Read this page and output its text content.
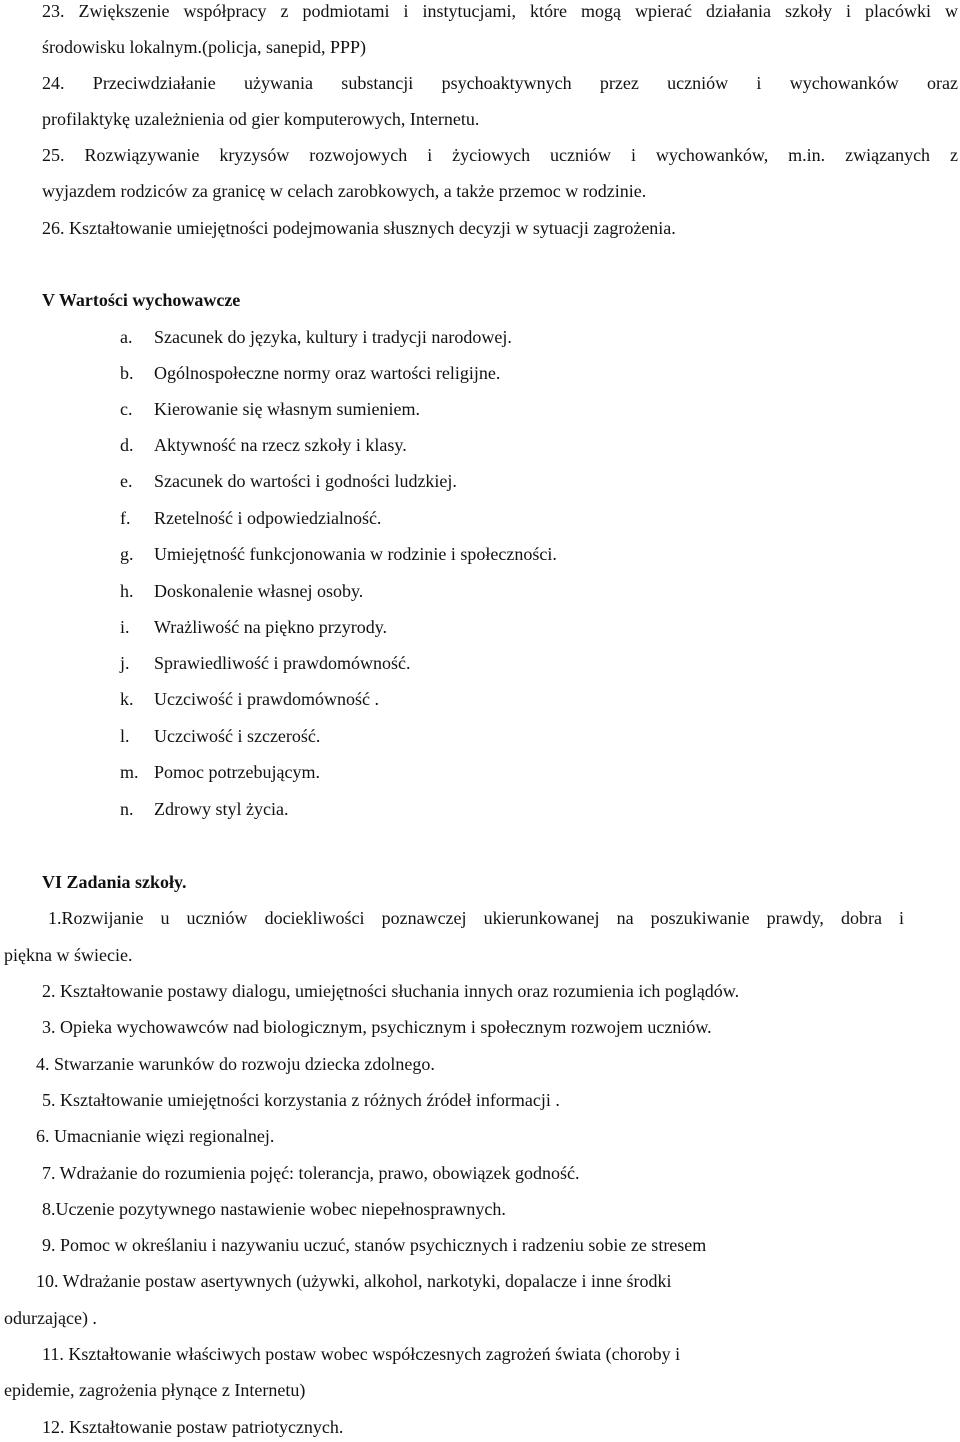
23. Zwiększenie współpracy z podmiotami i instytucjami, które mogą wpierać działania szkoły i placówki w
środowisku lokalnym.(policja, sanepid, PPP)
24. Przeciwdziałanie używania substancji psychoaktywnych przez uczniów i wychowanków oraz
profilaktykę uzależnienia od gier komputerowych, Internetu.
25. Rozwiązywanie kryzysów rozwojowych i życiowych uczniów i wychowanków, m.in. związanych z
wyjazdem rodziców za granicę w celach zarobkowych, a także przemoc w rodzinie.
26. Kształtowanie umiejętności podejmowania słusznych decyzji w sytuacji zagrożenia.
V Wartości wychowawcze
a. Szacunek do języka, kultury i tradycji narodowej.
b. Ogólnospołeczne normy oraz wartości religijne.
c. Kierowanie się własnym sumieniem.
d. Aktywność na rzecz szkoły i klasy.
e. Szacunek do wartości i godności ludzkiej.
f. Rzetelność i odpowiedzialność.
g. Umiejętność funkcjonowania w rodzinie i społeczności.
h. Doskonalenie własnej osoby.
i. Wrażliwość na piękno przyrody.
j. Sprawiedliwość i prawdomówność.
k. Uczciwość i prawdomówność .
l. Uczciwość i szczerość.
m. Pomoc potrzebującym.
n. Zdrowy styl życia.
VI Zadania szkoły.
1.Rozwijanie u uczniów dociekliwości poznawczej ukierunkowanej na poszukiwanie prawdy, dobra i
piękna w świecie.
2. Kształtowanie postawy dialogu, umiejętności słuchania innych oraz rozumienia ich poglądów.
3. Opieka wychowawców nad biologicznym, psychicznym i społecznym rozwojem uczniów.
4. Stwarzanie warunków do rozwoju dziecka zdolnego.
5. Kształtowanie umiejętności korzystania z różnych źródeł informacji .
6. Umacnianie więzi regionalnej.
7. Wdrażanie do rozumienia pojęć: tolerancja, prawo, obowiązek godność.
8.Uczenie pozytywnego nastawienie wobec niepełnosprawnych.
9. Pomoc w określaniu i nazywaniu uczuć, stanów psychicznych i radzeniu sobie ze stresem
10. Wdrażanie postaw asertywnych (używki, alkohol, narkotyki, dopalacze i inne środki
odurzające) .
11. Kształtowanie właściwych postaw wobec współczesnych zagrożeń świata (choroby i
epidemie, zagrożenia płynące z Internetu)
12. Kształtowanie postaw patriotycznych.
